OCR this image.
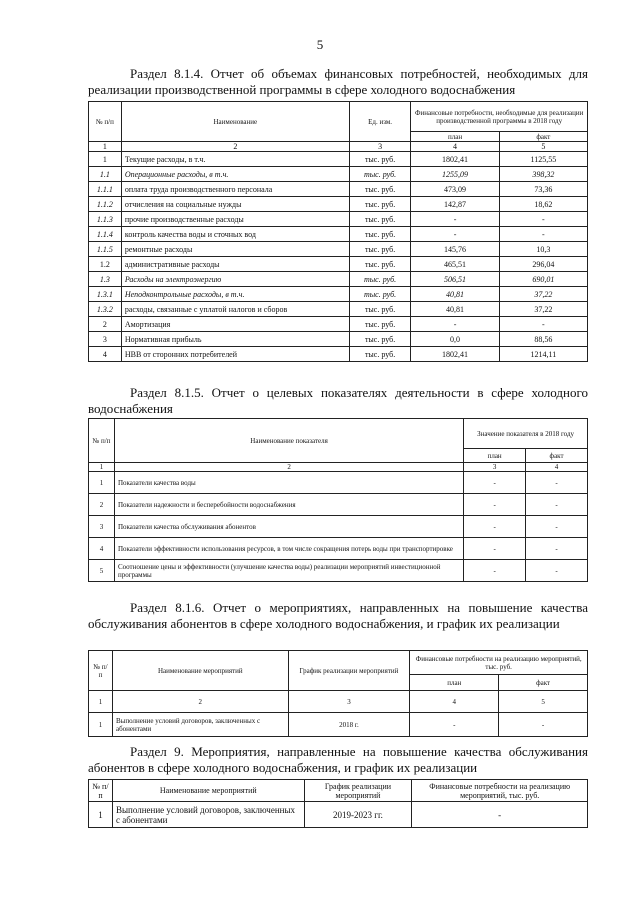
5
Раздел 8.1.4. Отчет об объемах финансовых потребностей, необходимых для реализации производственной программы в сфере холодного водоснабжения
№ п/п	Наименование	Ед. изм.	Финансовые потребности, необходимые для реализации производственной программы в 2018 году	
			план	факт
1	2	3	4	5
1	Текущие расходы, в т.ч.	тыс. руб.	1802,41	1125,55
1.1	Операционные расходы, в т.ч.	тыс. руб.	1255,09	398,32
1.1.1	оплата труда производственного персонала	тыс. руб.	473,09	73,36
1.1.2	отчисления на социальные нужды	тыс. руб.	142,87	18,62
1.1.3	прочие производственные расходы	тыс. руб.	-	-
1.1.4	контроль качества воды и сточных вод	тыс. руб.	-	-
1.1.5	ремонтные расходы	тыс. руб.	145,76	10,3
1.2	административные расходы	тыс. руб.	465,51	296,04
1.3	Расходы на электроэнергию	тыс. руб.	506,51	690,01
1.3.1	Неподконтрольные расходы, в т.ч.	тыс. руб.	40,81	37,22
1.3.2	расходы, связанные с уплатой налогов и сборов	тыс. руб.	40,81	37,22
2	Амортизация	тыс. руб.	-	-
3	Нормативная прибыль	тыс. руб.	0,0	88,56
4	НВВ от сторонних потребителей	тыс. руб.	1802,41	1214,11
Раздел 8.1.5. Отчет о целевых показателях деятельности в сфере холодного водоснабжения
№ п/п	Наименование показателя	Значение показателя в 2018 году	
		план	факт
1	2	3	4
1	Показатели качества воды	-	-
2	Показатели надежности и бесперебойности водоснабжения	-	-
3	Показатели качества обслуживания абонентов	-	-
4	Показатели эффективности использования ресурсов, в том числе сокращения потерь воды при транспортировке	-	-
5	Соотношение цены и эффективности (улучшение качества воды) реализации мероприятий инвестиционной программы	-	-
Раздел 8.1.6. Отчет о мероприятиях, направленных на повышение качества обслуживания абонентов в сфере холодного водоснабжения, и график их реализации
№ п/п	Наименование мероприятий	График реализации мероприятий	Финансовые потребности на реализацию мероприятий, тыс. руб.	
			план	факт
1	2	3	4	5
1	Выполнение условий договоров, заключенных с абонентами	2018 г.	-	-
Раздел 9. Мероприятия, направленные на повышение качества обслуживания абонентов в сфере холодного водоснабжения, и график их реализации
№ п/п	Наименование мероприятий	График реализации мероприятий	Финансовые потребности на реализацию мероприятий, тыс. руб.
1	Выполнение условий договоров, заключенных с абонентами	2019-2023 гг.	-
